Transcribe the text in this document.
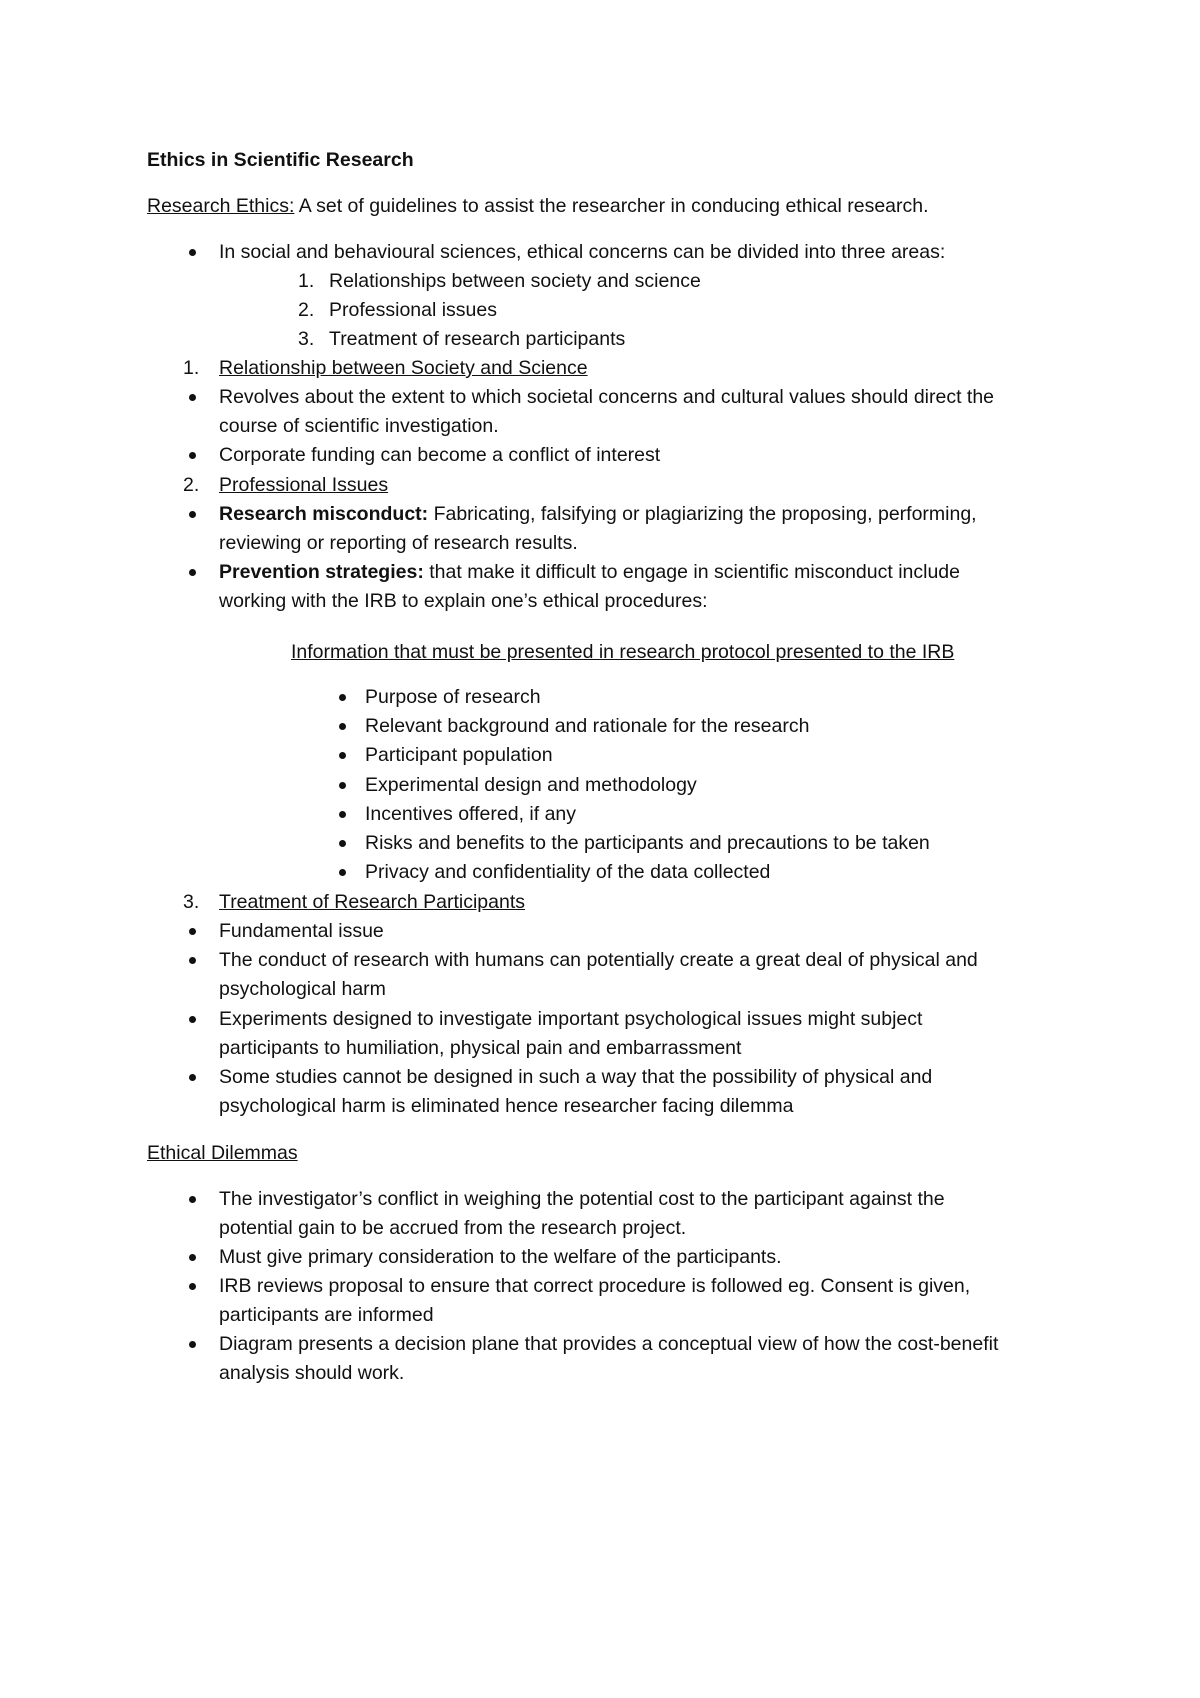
Ethics in Scientific Research
Research Ethics: A set of guidelines to assist the researcher in conducing ethical research.
In social and behavioural sciences, ethical concerns can be divided into three areas:
1. Relationships between society and science
2. Professional issues
3. Treatment of research participants
1. Relationship between Society and Science
Revolves about the extent to which societal concerns and cultural values should direct the
course of scientific investigation.
Corporate funding can become a conflict of interest
2. Professional Issues
Research misconduct: Fabricating, falsifying or plagiarizing the proposing, performing,
reviewing or reporting of research results.
Prevention strategies: that make it difficult to engage in scientific misconduct include
working with the IRB to explain one’s ethical procedures:
Information that must be presented in research protocol presented to the IRB
Purpose of research
Relevant background and rationale for the research
Participant population
Experimental design and methodology
Incentives offered, if any
Risks and benefits to the participants and precautions to be taken
Privacy and confidentiality of the data collected
3. Treatment of Research Participants
Fundamental issue
The conduct of research with humans can potentially create a great deal of physical and
psychological harm
Experiments designed to investigate important psychological issues might subject
participants to humiliation, physical pain and embarrassment
Some studies cannot be designed in such a way that the possibility of physical and
psychological harm is eliminated hence researcher facing dilemma
Ethical Dilemmas
The investigator’s conflict in weighing the potential cost to the participant against the
potential gain to be accrued from the research project.
Must give primary consideration to the welfare of the participants.
IRB reviews proposal to ensure that correct procedure is followed eg. Consent is given,
participants are informed
Diagram presents a decision plane that provides a conceptual view of how the cost-benefit
analysis should work.
